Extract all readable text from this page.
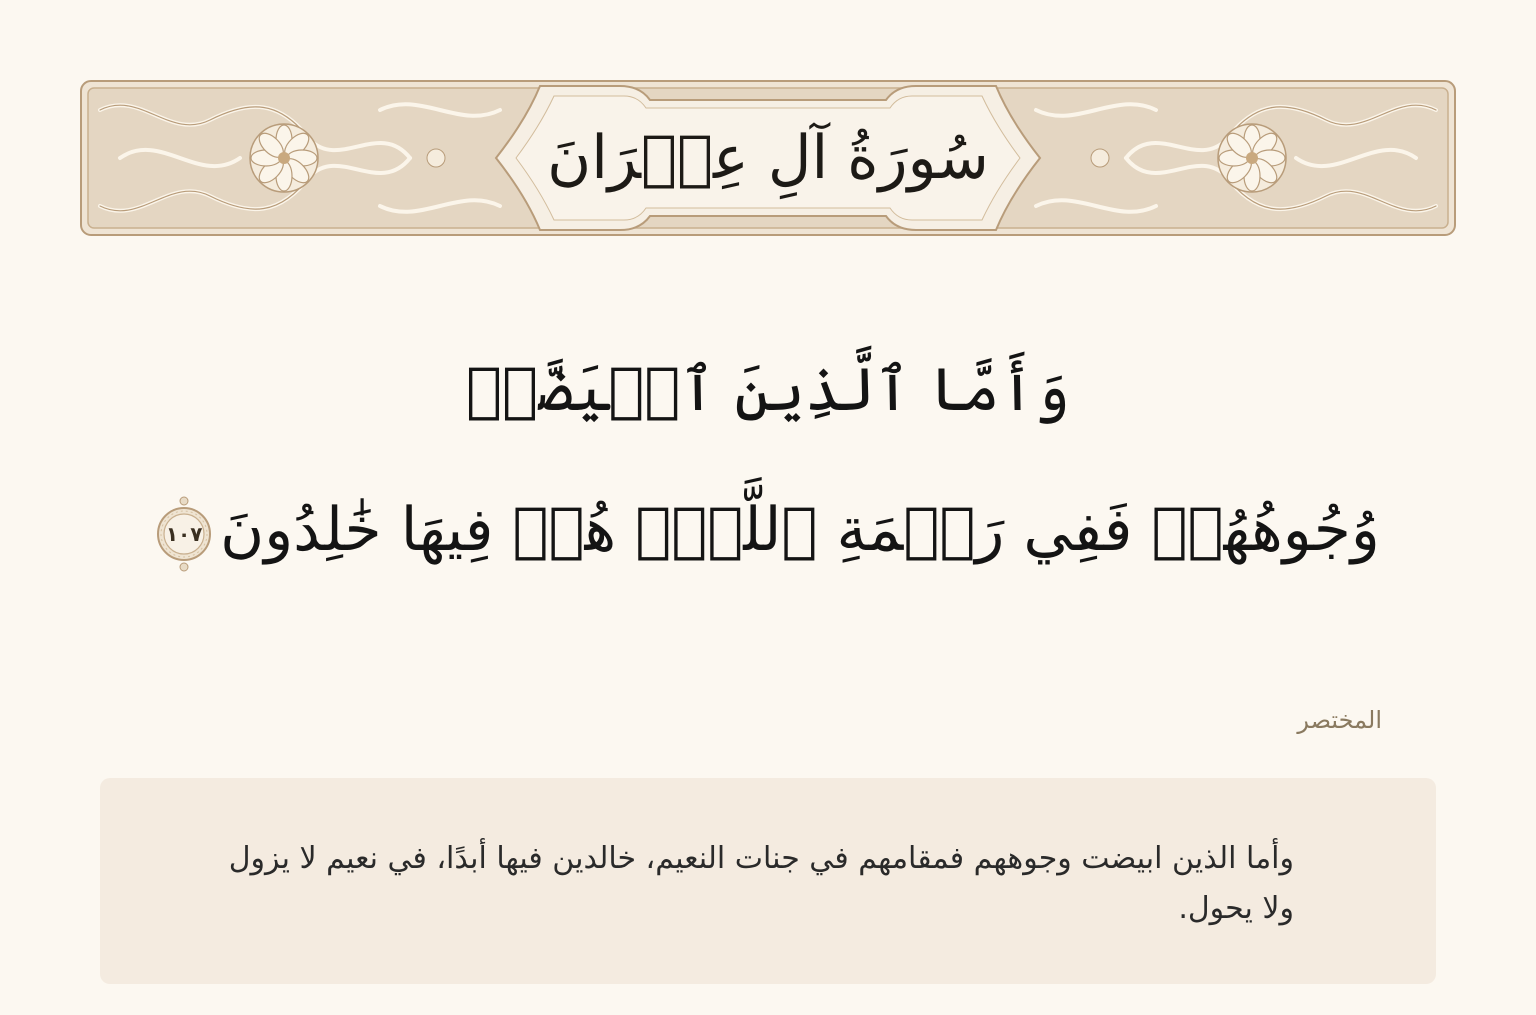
سُورَةُ آلِ عِمۡرَانَ
وَأَمَّا ٱلَّذِينَ ٱبۡيَضَّتۡ
وُجُوهُهُمۡ فَفِي رَحۡمَةِ ٱللَّهِۖ هُمۡ فِيهَا خَٰلِدُونَ
١٠٧
المختصر
وأما الذين ابيضت وجوههم فمقامهم في جنات النعيم، خالدين فيها أبدًا، في نعيم لا يزول ولا يحول.
